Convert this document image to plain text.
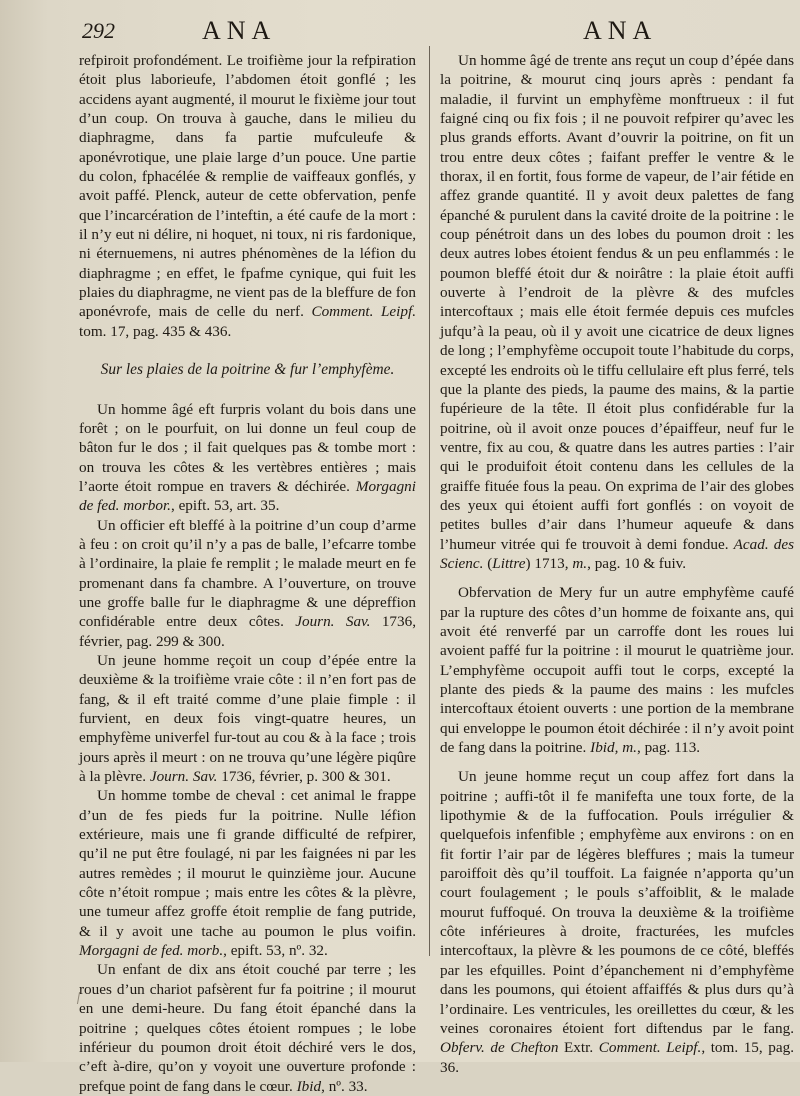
292	ANA	ANA

refpiroit profondément. Le troifième jour la refpiration étoit plus laborieufe, l’abdomen étoit gonflé ; les accidens ayant augmenté, il mourut le fixième jour tout d’un coup. On trouva à gauche, dans le milieu du diaphragme, dans fa partie mufculeufe & aponévrotique, une plaie large d’un pouce. Une partie du colon, fphacélée & remplie de vaiffeaux gonflés, y avoit paffé. Plenck, auteur de cette obfervation, penfe que l’incarcération de l’inteftin, a été caufe de la mort : il n’y eut ni délire, ni hoquet, ni toux, ni ris fardonique, ni éternuemens, ni autres phénomènes de la léfion du diaphragme ; en effet, le fpafme cynique, qui fuit les plaies du diaphragme, ne vient pas de la bleffure de fon aponévrofe, mais de celle du nerf. Comment. Leipf. tom. 17, pag. 435 & 436.

Sur les plaies de la poitrine & fur l’emphyfème.

Un homme âgé eft furpris volant du bois dans une forêt ; on le pourfuit, on lui donne un feul coup de bâton fur le dos ; il fait quelques pas & tombe mort : on trouva les côtes & les vertèbres entières ; mais l’aorte étoit rompue en travers & déchirée. Morgagni de fed. morbor., epift. 53, art. 35.

Un officier eft bleffé à la poitrine d’un coup d’arme à feu : on croit qu’il n’y a pas de balle, l’efcarre tombe à l’ordinaire, la plaie fe remplit ; le malade meurt en fe promenant dans fa chambre. A l’ouverture, on trouve une groffe balle fur le diaphragme & une dépreffion confidérable entre deux côtes. Journ. Sav. 1736, février, pag. 299 & 300.

Un jeune homme reçoit un coup d’épée entre la deuxième & la troifième vraie côte : il n’en fort pas de fang, & il eft traité comme d’une plaie fimple : il furvient, en deux fois vingt-quatre heures, un emphyfème univerfel fur-tout au cou & à la face ; trois jours après il meurt : on ne trouva qu’une légère piqûre à la plèvre. Journ. Sav. 1736, février, p. 300 & 301.

Un homme tombe de cheval : cet animal le frappe d’un de fes pieds fur la poitrine. Nulle léfion extérieure, mais une fi grande difficulté de refpirer, qu’il ne put être foulagé, ni par les faignées ni par les autres remèdes ; il mourut le quinzième jour. Aucune côte n’étoit rompue ; mais entre les côtes & la plèvre, une tumeur affez groffe étoit remplie de fang putride, & il y avoit une tache au poumon le plus voifin. Morgagni de fed. morb., epift. 53, nº. 32.

Un enfant de dix ans étoit couché par terre ; les roues d’un chariot pafsèrent fur fa poitrine ; il mourut en une demi-heure. Du fang étoit épanché dans la poitrine ; quelques côtes étoient rompues ; le lobe inférieur du poumon droit étoit déchiré vers le dos, c’eft à-dire, qu’on y voyoit une ouverture profonde : prefque point de fang dans le cœur. Ibid, nº. 33.

Un homme âgé de trente ans reçut un coup d’épée dans la poitrine, & mourut cinq jours après : pendant fa maladie, il furvint un emphyfème monftrueux : il fut faigné cinq ou fix fois ; il ne pouvoit refpirer qu’avec les plus grands efforts. Avant d’ouvrir la poitrine, on fit un trou entre deux côtes ; faifant preffer le ventre & le thorax, il en fortit, fous forme de vapeur, de l’air fétide en affez grande quantité. Il y avoit deux palettes de fang épanché & purulent dans la cavité droite de la poitrine : le coup pénétroit dans un des lobes du poumon droit : les deux autres lobes étoient fendus & un peu enflammés : le poumon bleffé étoit dur & noirâtre : la plaie étoit auffi ouverte à l’endroit de la plèvre & des mufcles intercoftaux ; mais elle étoit fermée depuis ces mufcles jufqu’à la peau, où il y avoit une cicatrice de deux lignes de long ; l’emphyfème occupoit toute l’habitude du corps, excepté les endroits où le tiffu cellulaire eft plus ferré, tels que la plante des pieds, la paume des mains, & la partie fupérieure de la tête. Il étoit plus confidérable fur la poitrine, où il avoit onze pouces d’épaiffeur, neuf fur le ventre, fix au cou, & quatre dans les autres parties : l’air qui le produifoit étoit contenu dans les cellules de la graiffe fituée fous la peau. On exprima de l’air des globes des yeux qui étoient auffi fort gonflés : on voyoit de petites bulles d’air dans l’humeur aqueufe & dans l’humeur vitrée qui fe trouvoit à demi fondue. Acad. des Scienc. (Littre) 1713, m., pag. 10 & fuiv.

Obfervation de Mery fur un autre emphyfème caufé par la rupture des côtes d’un homme de foixante ans, qui avoit été renverfé par un carroffe dont les roues lui avoient paffé fur la poitrine : il mourut le quatrième jour. L’emphyfème occupoit auffi tout le corps, excepté la plante des pieds & la paume des mains : les mufcles intercoftaux étoient ouverts : une portion de la membrane qui enveloppe le poumon étoit déchirée : il n’y avoit point de fang dans la poitrine. Ibid, m., pag. 113.

Un jeune homme reçut un coup affez fort dans la poitrine ; auffi-tôt il fe manifefta une toux forte, de la lipothymie & de la fuffocation. Pouls irrégulier & quelquefois infenfible ; emphyfème aux environs : on en fit fortir l’air par de légères bleffures ; mais la tumeur paroiffoit dès qu’il touffoit. La faignée n’apporta qu’un court foulagement ; le pouls s’affoiblit, & le malade mourut fuffoqué. On trouva la deuxième & la troifième côte inférieures à droite, fracturées, les mufcles intercoftaux, la plèvre & les poumons de ce côté, bleffés par les efquilles. Point d’épanchement ni d’emphyfème dans les poumons, qui étoient affaiffés & plus durs qu’à l’ordinaire. Les ventricules, les oreillettes du cœur, & les veines coronaires étoient fort diftendus par le fang. Obferv. de Chefton Extr. Comment. Leipf., tom. 15, pag. 36.
